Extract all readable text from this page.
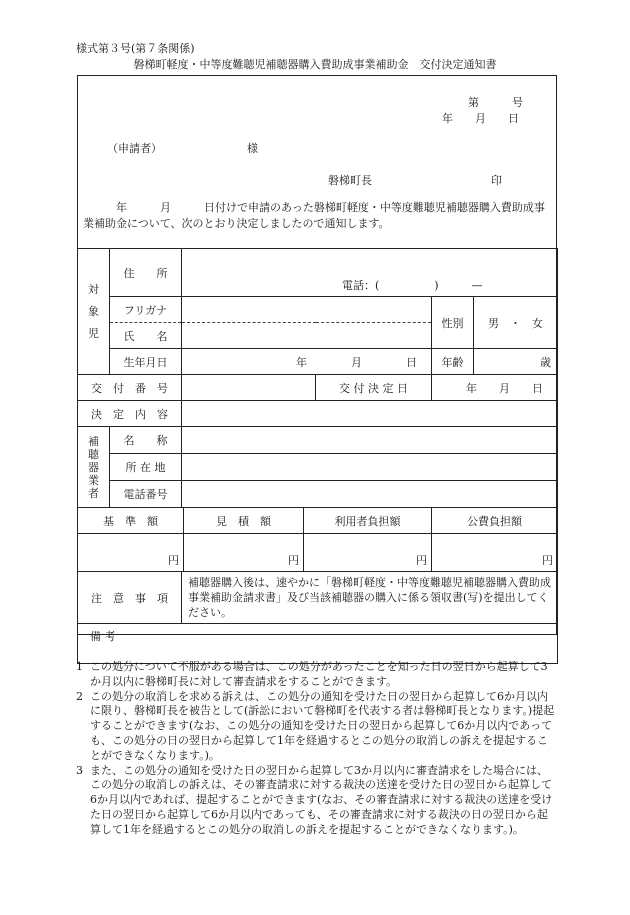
様式第３号(第７条関係)
磐梯町軽度・中等度難聴児補聴器購入費助成事業補助金　交付決定通知書
第　　　号
年　　月　　日
（申請者）	様
磐梯町長	印
　　　年　　　月　　　日付けで申請のあった磐梯町軽度・中等度難聴児補聴器購入費助成事業補助金について、次のとおり決定しましたので通知します。
対象児	住　　所	電話：(　　　　　)　　　—			
	フリガナ			性別	男　・　女
	氏　　名				
	生年月日	年　　　　月　　　　日		年齢	歳
交　付　番　号			交 付 決 定 日	年　　月　　日	
決　定　内　容					
補聴器業者	名　　称				
	所 在 地				
	電話番号				
基　準　額	見　積　額	利用者負担額	公費負担額
円	円	円	円
注　意　事　項	補聴器購入後は、速やかに「磐梯町軽度・中等度難聴児補聴器購入費助成事業補助金請求書」及び当該補聴器の購入に係る領収書(写)を提出してください。
備 考
1 この処分について不服がある場合は、この処分があったことを知った日の翌日から起算して3か月以内に磐梯町長に対して審査請求をすることができます。
2 この処分の取消しを求める訴えは、この処分の通知を受けた日の翌日から起算して6か月以内に限り、磐梯町長を被告として(訴訟において磐梯町を代表する者は磐梯町長となります。)提起することができます(なお、この処分の通知を受けた日の翌日から起算して6か月以内であっても、この処分の日の翌日から起算して1年を経過するとこの処分の取消しの訴えを提起することができなくなります。)。
3 また、この処分の通知を受けた日の翌日から起算して3か月以内に審査請求をした場合には、この処分の取消しの訴えは、その審査請求に対する裁決の送達を受けた日の翌日から起算して6か月以内であれば、提起することができます(なお、その審査請求に対する裁決の送達を受けた日の翌日から起算して6か月以内であっても、その審査請求に対する裁決の日の翌日から起算して1年を経過するとこの処分の取消しの訴えを提起することができなくなります。)。
